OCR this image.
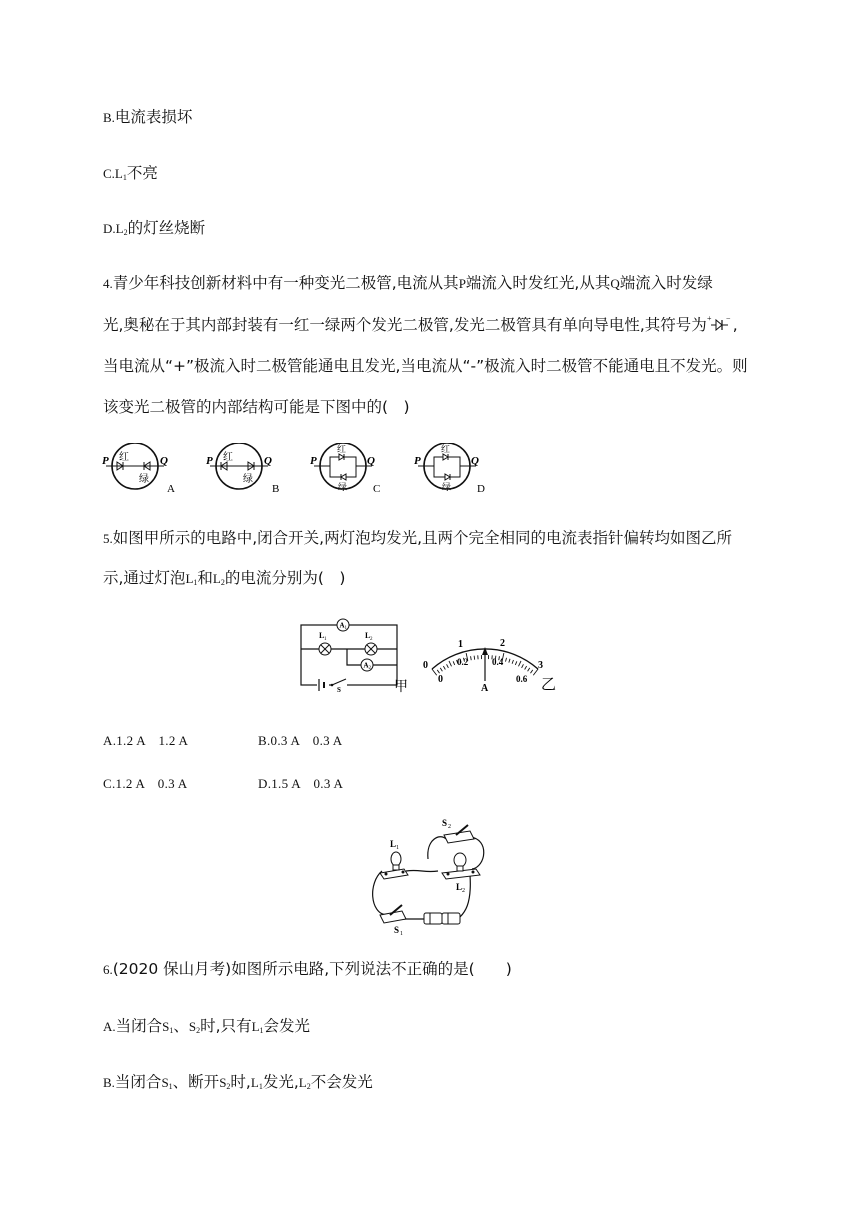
B.电流表损坏
$C.L_1$不亮
$D.L_2$的灯丝烧断
4.青少年科技创新材料中有一种变光二极管,电流从其P端流入时发红光,从其Q端流入时发绿
光,奥秘在于其内部封装有一红一绿两个发光二极管,发光二极管具有单向导电性,其符号为 + − ,
当电流从“+”极流入时二极管能通电且发光,当电流从“-”极流入时二极管不能通电且不发光。则
该变光二极管的内部结构可能是下图中的(　)
P	Q
红
绿
A
P	Q
红
绿
B
P	Q
红
绿 C
P	Q
红
绿 D
5.如图甲所示的电路中,闭合开关,两灯泡均发光,且两个完全相同的电流表指针偏转均如图乙所
示,通过灯泡$L_1$和$L_2$的电流分别为(　)
A 1
L 1	L 2
A 2
S	甲
0
1	2
3
0
0.2	0.4
0.6
A	乙
A.1.2 A　1.2 A	B.0.3 A　0.3 A
C.1.2 A　0.3 A	D.1.5 A　0.3 A
L 1
L 2
S 2
S 1
6.(2020 保山月考)如图所示电路,下列说法不正确的是(　　)
A.当闭合$S_1$、$S_2$时,只有$L_1$会发光
B.当闭合$S_1$、断开$S_2$时$,L_1$发光$,L_2$不会发光
